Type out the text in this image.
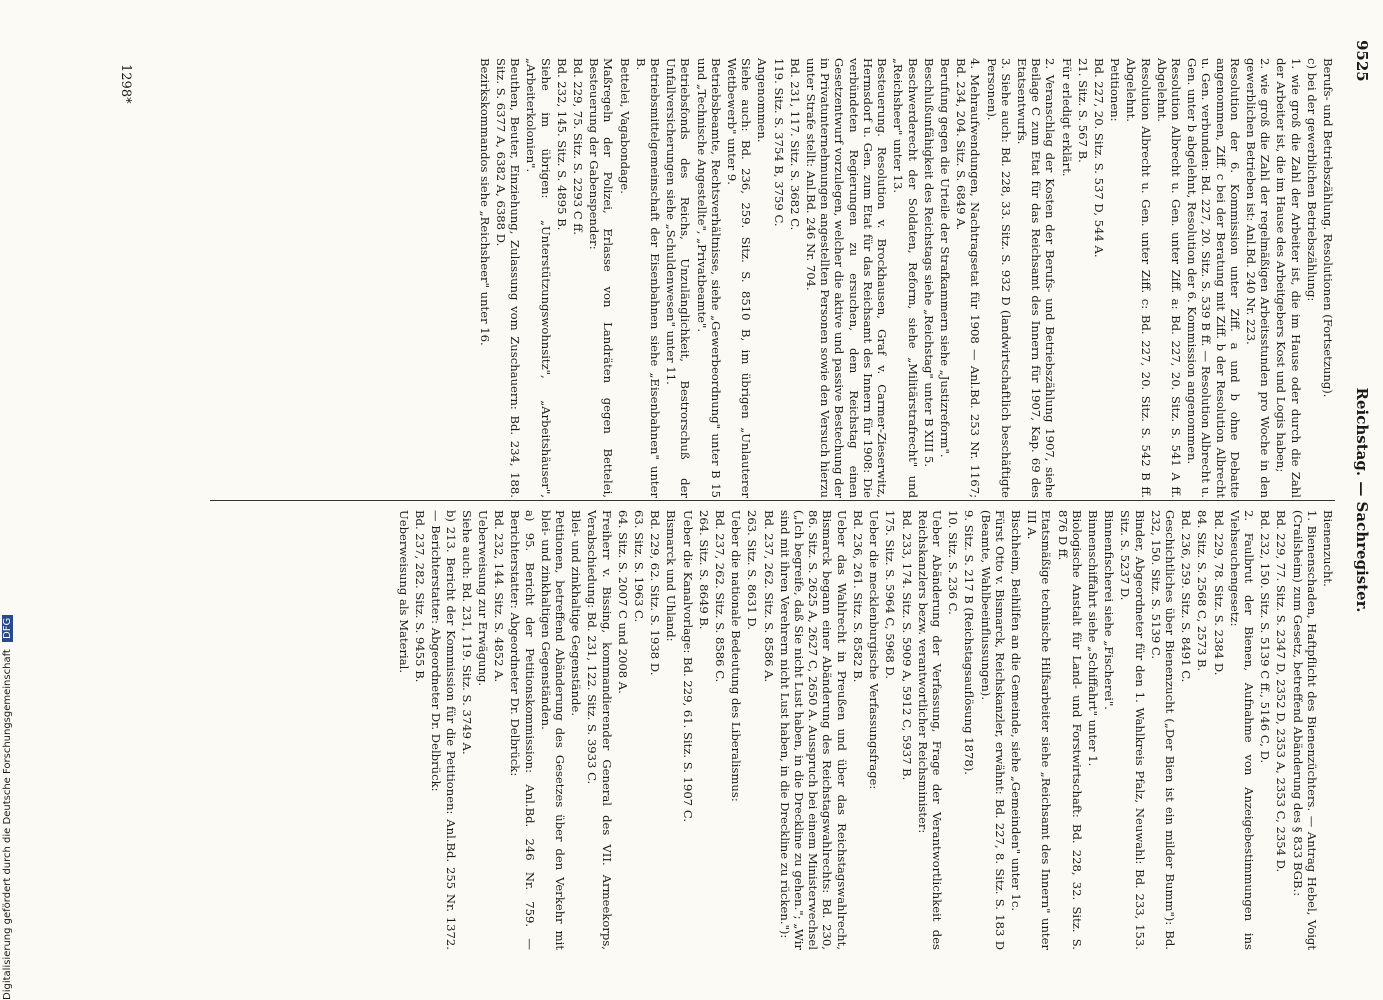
9525
Reichstag. — Sachregister.

Berufs- und Betriebszählung. Resolutionen (Fortsetzung).

c) bei der gewerblichen Betriebszählung:

1. wie groß die Zahl der Arbeiter ist, die im Hause oder durch die Zahl der Arbeiter ist, die im Hause des Arbeitgebers Kost und Logis haben;

2. wie groß die Zahl der regelmäßigen Arbeitsstunden pro Woche in den gewerblichen Betrieben ist: Anl.Bd. 240 Nr. 223.

Resolution der 6. Kommission unter Ziff. a und b ohne Debatte angenommen, Ziff. c bei der Beratung mit Ziff. b der Resolution Albrecht u. Gen. verbunden: Bd. 227, 20. Sitz. S. 539 B ff. — Resolution Albrecht u. Gen. unter b abgelehnt, Resolution der 6. Kommission angenommen.

Resolution Albrecht u. Gen. unter Ziff. a: Bd. 227, 20. Sitz. S. 541 A ff. Abgelehnt.

Resolution Albrecht u. Gen. unter Ziff. c: Bd. 227, 20. Sitz. S. 542 B ff. Abgelehnt.

Petitionen:

Bd. 227, 20. Sitz. S. 537 D, 544 A.

21. Sitz. S. 567 B.

Für erledigt erklärt.

2. Veranschlag der Kosten der Berufs- und Betriebszählung 1907, siehe Beilage C zum Etat für das Reichsamt des Innern für 1907, Kap. 69 des Etatsentwurfs.

3. Siehe auch: Bd. 228, 33. Sitz. S. 932 D (landwirtschaftlich beschäftigte Personen).

4. Mehraufwendungen, Nachtragsetat für 1908 — Anl.Bd. 253 Nr. 1167; Bd. 234, 204. Sitz. S. 6849 A.

Berufung gegen die Urteile der Strafkammern siehe „Justizreform".

Beschlußunfähigkeit des Reichstags siehe „Reichstag" unter B XIII 5.

Beschwerderecht der Soldaten, Reform, siehe „Militärstrafrecht" und „Reichsheer" unter 13.

Besteuerung. Resolution v. Brockhausen, Graf v. Carmer-Zieserwitz, Hermsdorf u. Gen. zum Etat für das Reichsamt des Innern für 1908: Die verbündeten Regierungen zu ersuchen, dem Reichstag einen Gesetzentwurf vorzulegen, welcher die aktive und passive Bestechung der in Privatunternehmungen angestellten Personen sowie den Versuch hierzu unter Strafe stellt: Anl.Bd. 246 Nr. 704.

Bd. 231, 117. Sitz. S. 3682 C.

119. Sitz. S. 3754 B, 3759 C.

Angenommen.

Siehe auch: Bd. 236, 259. Sitz. S. 8510 B, im übrigen „Unlauterer Wettbewerb" unter 9.

Betriebsbeamte, Rechtsverhältnisse, siehe „Gewerbeordnung" unter B 15 und „Technische Angestellte", „Privatbeamte".

Betriebsfonds des Reichs, Unzulänglichkeit, Bestrorschuß der Unfallversicherungen siehe „Schuldenwesen" unter 11.

Betriebsmittelgemeinschaft der Eisenbahnen siehe „Eisenbahnen" unter B.

Bettelei, Vagabondage.

Maßregeln der Polizei, Erlasse von Landräten gegen Bettelei, Besteuerung der Gabenspender:

Bd. 229, 75. Sitz. S. 2293 C ff.

Bd. 232, 145. Sitz. S. 4895 B.

Siehe im übrigen: „Unterstützungswohnsitz", „Arbeitshäuser", „Arbeiterkolonien".

Beuthen, Beuter, Einziehung, Zulassung vom Zuschauern: Bd. 234, 188. Sitz. S. 6377 A, 6382 A, 6388 D.

Bezirkskommandos siehe „Reichsheer" unter 16.

Bienenzucht.

1. Bienenschaden, Haftpflicht des Bienenzüchters. — Antrag Hebel, Voigt (Crailsheim) zum Gesetz, betreffend Abänderung des § 833 BGB.:

Bd. 229, 77. Sitz. S. 2347 D, 2352 D, 2353 A, 2353 C, 2354 D.

Bd. 232, 150. Sitz. S. 5139 C ff., 5146 C, D.

2. Faulbrut der Bienen, Aufnahme von Anzeigebestimmungen ins Viehseuchengesetz:

Bd. 229, 78. Sitz. S. 2384 D.

84. Sitz. S. 2568 C, 2573 B.

Bd. 236, 259. Sitz. S. 8491 C.

Geschichtliches über Bienenzucht („Der Bien ist ein milder Bumm"): Bd. 232, 150. Sitz. S. 5139 C.

Binder, Abgeordneter für den 1. Wahlkreis Pfalz, Neuwahl: Bd. 233, 153. Sitz. S. 5237 D.

Binnenfischerei siehe „Fischerei".

Binnenschiffahrt siehe „Schiffahrt" unter 1.

Biologische Anstalt für Land- und Forstwirtschaft: Bd. 228, 32. Sitz. S. 876 D ff.

Etatsmäßige technische Hilfsarbeiter siehe „Reichsamt des Innern" unter III A.

Bischheim, Beihilfen an die Gemeinde, siehe „Gemeinden" unter 1c.

Fürst Otto v. Bismarck, Reichskanzler, erwähnt: Bd. 227, 8. Sitz. S. 183 D (Beamte, Wahlbeeinflussungen).

9. Sitz. S. 217 B (Reichstagsauflösung 1878).

10. Sitz. S. 236 C.

Ueber Abänderung der Verfassung, Frage der Verantwortlichkeit des Reichskanzlers bezw. verantwortlicher Reichsminister:

Bd. 233, 174. Sitz. S. 5909 A, 5912 C, 5937 B.

175. Sitz. S. 5964 C, 5968 D.

Ueber die mecklenburgische Verfassungsfrage:

Bd. 236, 261. Sitz. S. 8582 B.

Ueber das Wahlrecht in Preußen und über das Reichstagswahlrecht, Bismarck begann einer Abänderung des Reichstagswahlrechts: Bd. 230, 86. Sitz. S. 2625 A, 2627 C, 2650 A. Ausspruch bei einem Ministerwechsel („Ich begreife, daß Sie nicht Lust haben, in die Dreckline zu gehen."; „Wir sind mit ihren Verehrern nicht Lust haben, in die Dreckline zu rücken."):

Bd. 237, 262. Sitz. S. 8586 A.

263. Sitz. S. 8631 D.

Ueber die nationale Bedeutung des Liberalismus:

Bd. 237, 262. Sitz. S. 8586 C.

264. Sitz. S. 8649 B.

Ueber die Kanalvorlage: Bd. 229, 61. Sitz. S. 1907 C.

Bismarck und Uhland:

Bd. 229, 62. Sitz. S. 1938 D.

63. Sitz. S. 1963 C.

64. Sitz. S. 2007 C und 2008 A.

Freiherr v. Bissing, kommandierender General des VII. Armeekorps, Verabschiedung: Bd. 231, 122. Sitz. S. 3933 C.

Blei- und zinkhaltige Gegenstände.

Petitionen, betreffend Abänderung des Gesetzes über den Verkehr mit blei- und zinkhaltigen Gegenständen.

a) 95. Bericht der Petitionskommission: Anl.Bd. 246 Nr. 759. — Berichterstatter: Abgeordneter Dr. Delbrück:

Bd. 232, 144. Sitz. S. 4852 A.

Ueberweisung zur Erwägung.

Siehe auch: Bd. 231, 119. Sitz. S. 3749 A.

b) 213. Bericht der Kommission für die Petitionen: Anl.Bd. 255 Nr. 1372. — Berichterstatter: Abgeordneter Dr. Delbrück:

Bd. 237, 282. Sitz. S. 9455 B.

Ueberweisung als Material.

1298*
Digitalisierung gefördert durch die Deutsche Forschungsgemeinschaft DFG
